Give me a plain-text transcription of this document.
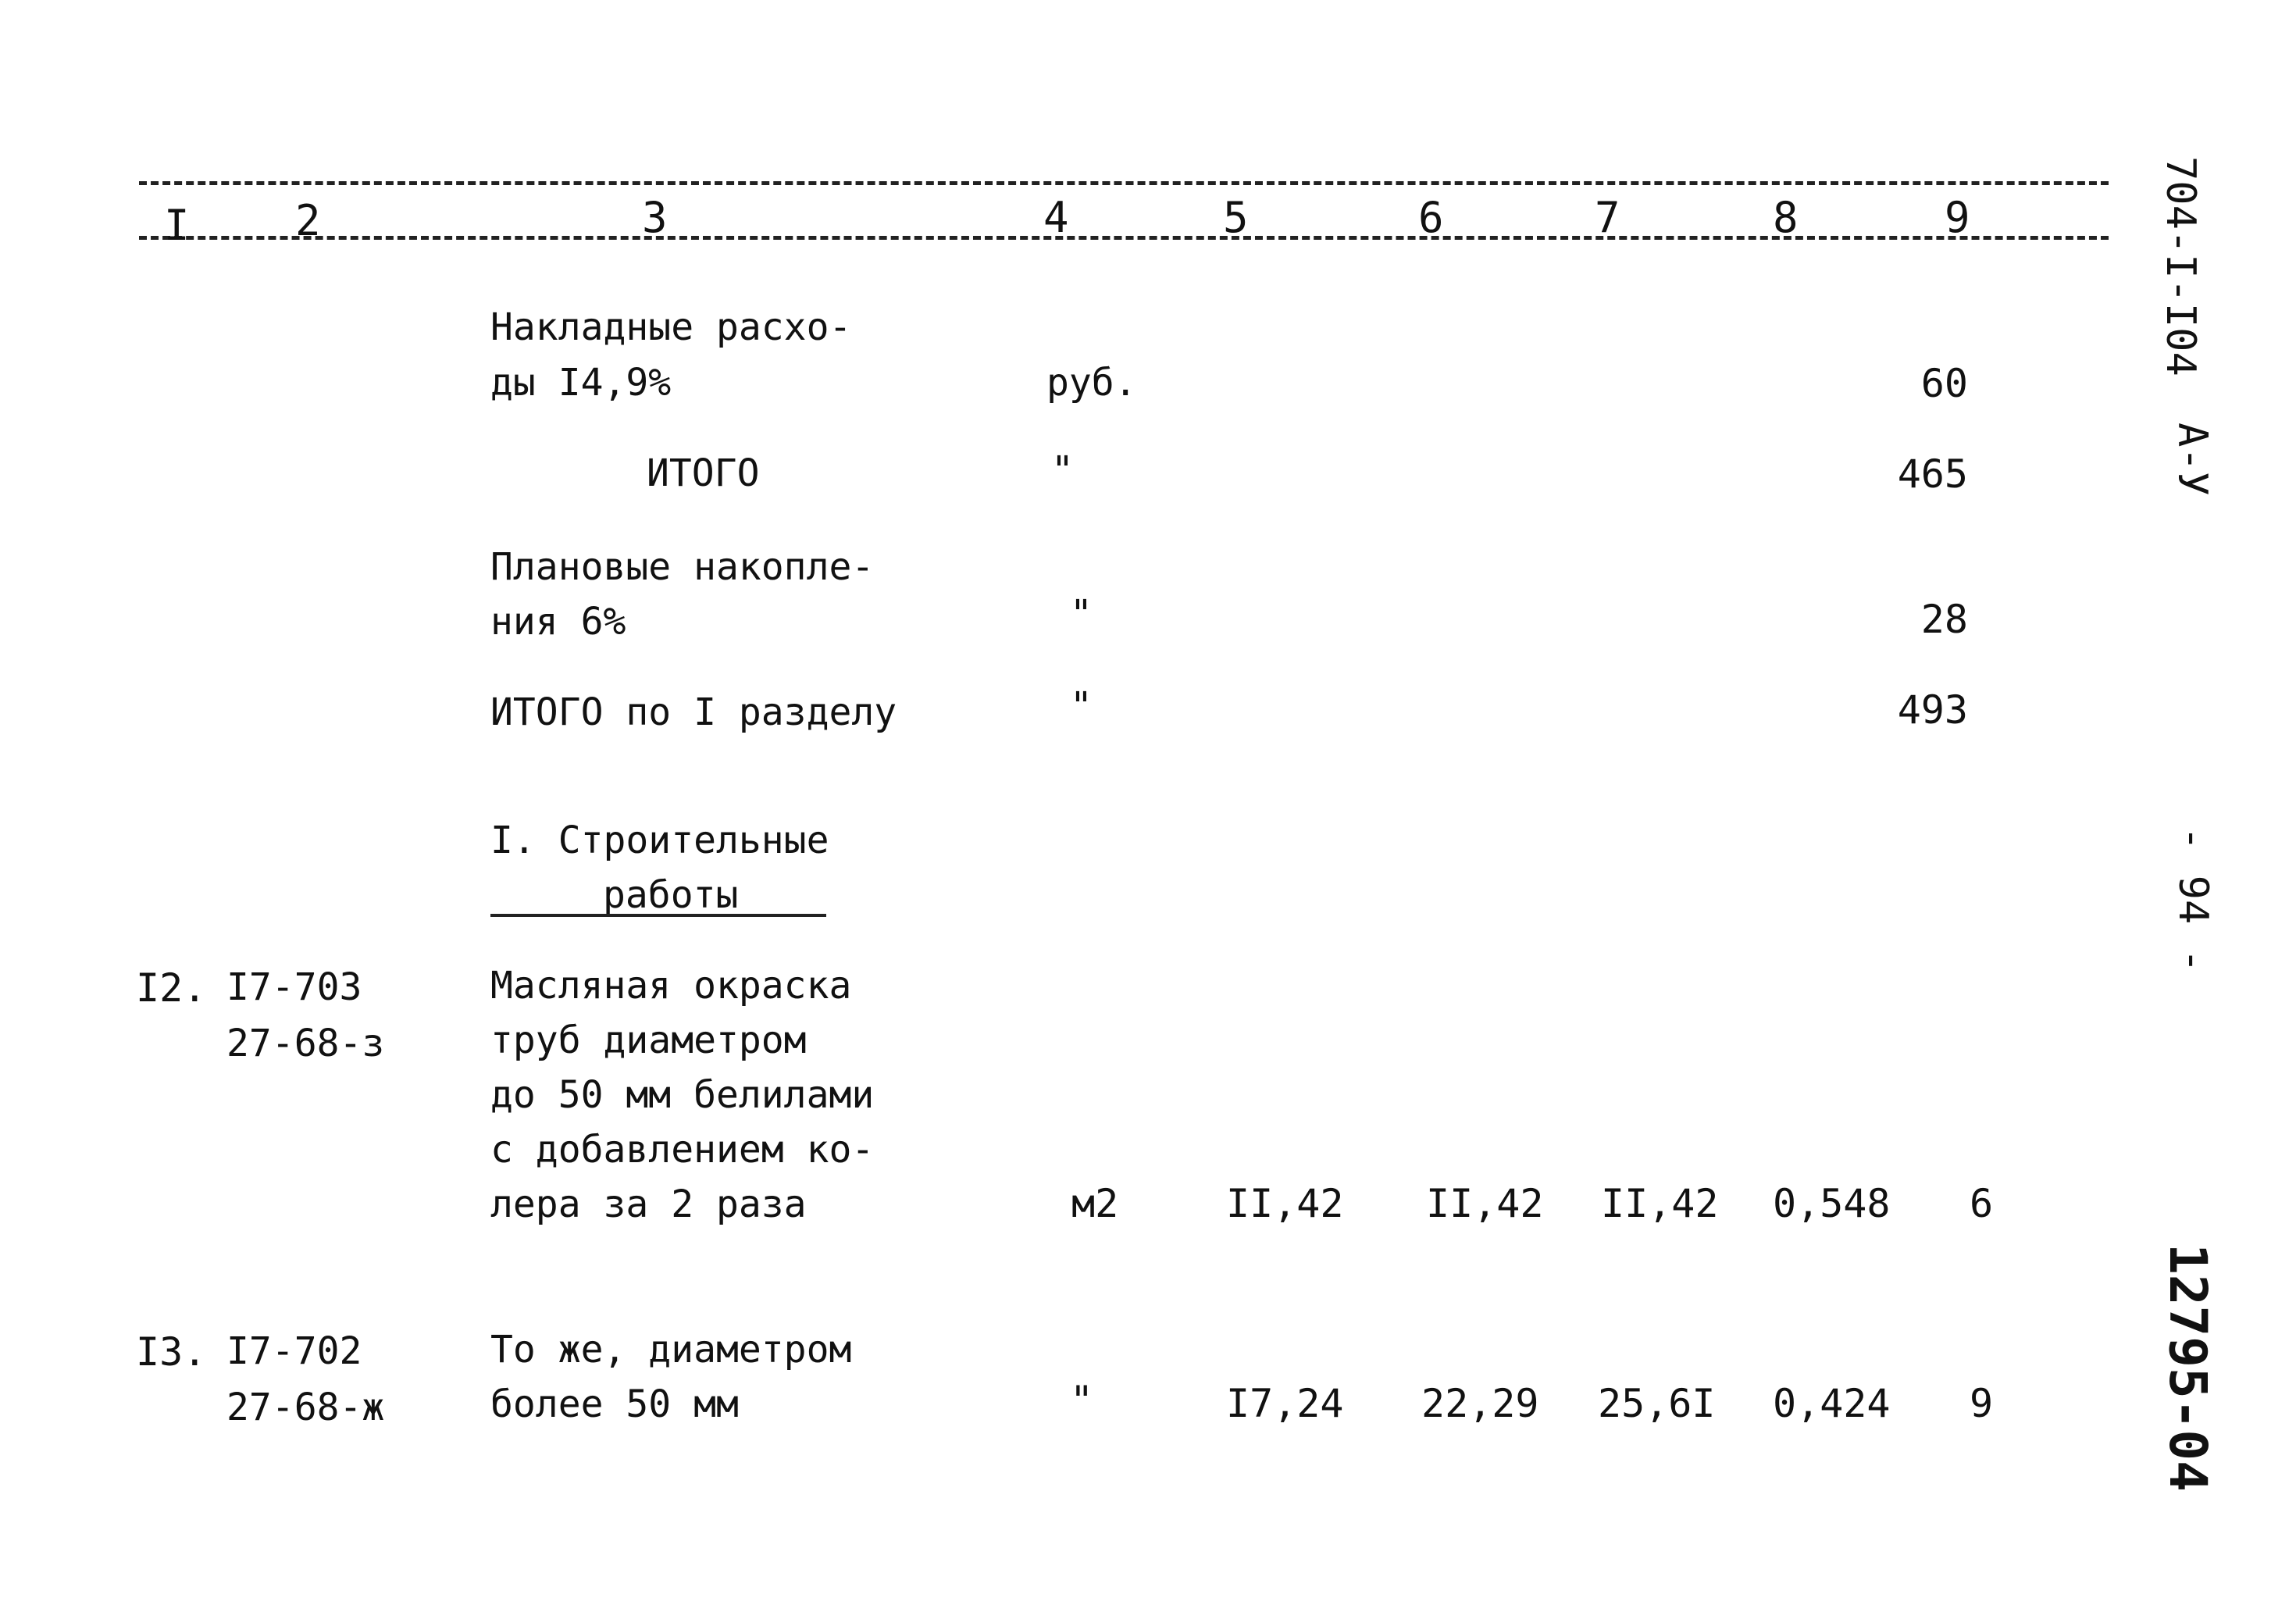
I	2	3	4	5	6	7	8	9
Накладные расхо-
ды I4,9%	руб.	60
ИТОГО	"	465
Плановые накопле-
ния 6%	"	28
ИТОГО по I разделу	"	493
I. Строительные
работы
I2. I7-703
27-68-з
Масляная окраска
труб диаметром
до 50 мм белилами
с добавлением ко-
лера за 2 раза	м2	II,42 II,42 II,42 0,548 6
I3. I7-702
27-68-ж
То же, диаметром
более 50 мм	"	I7,24 22,29 25,6I 0,424 9
704-I-I04
А-У
- 94 -
12795-04
